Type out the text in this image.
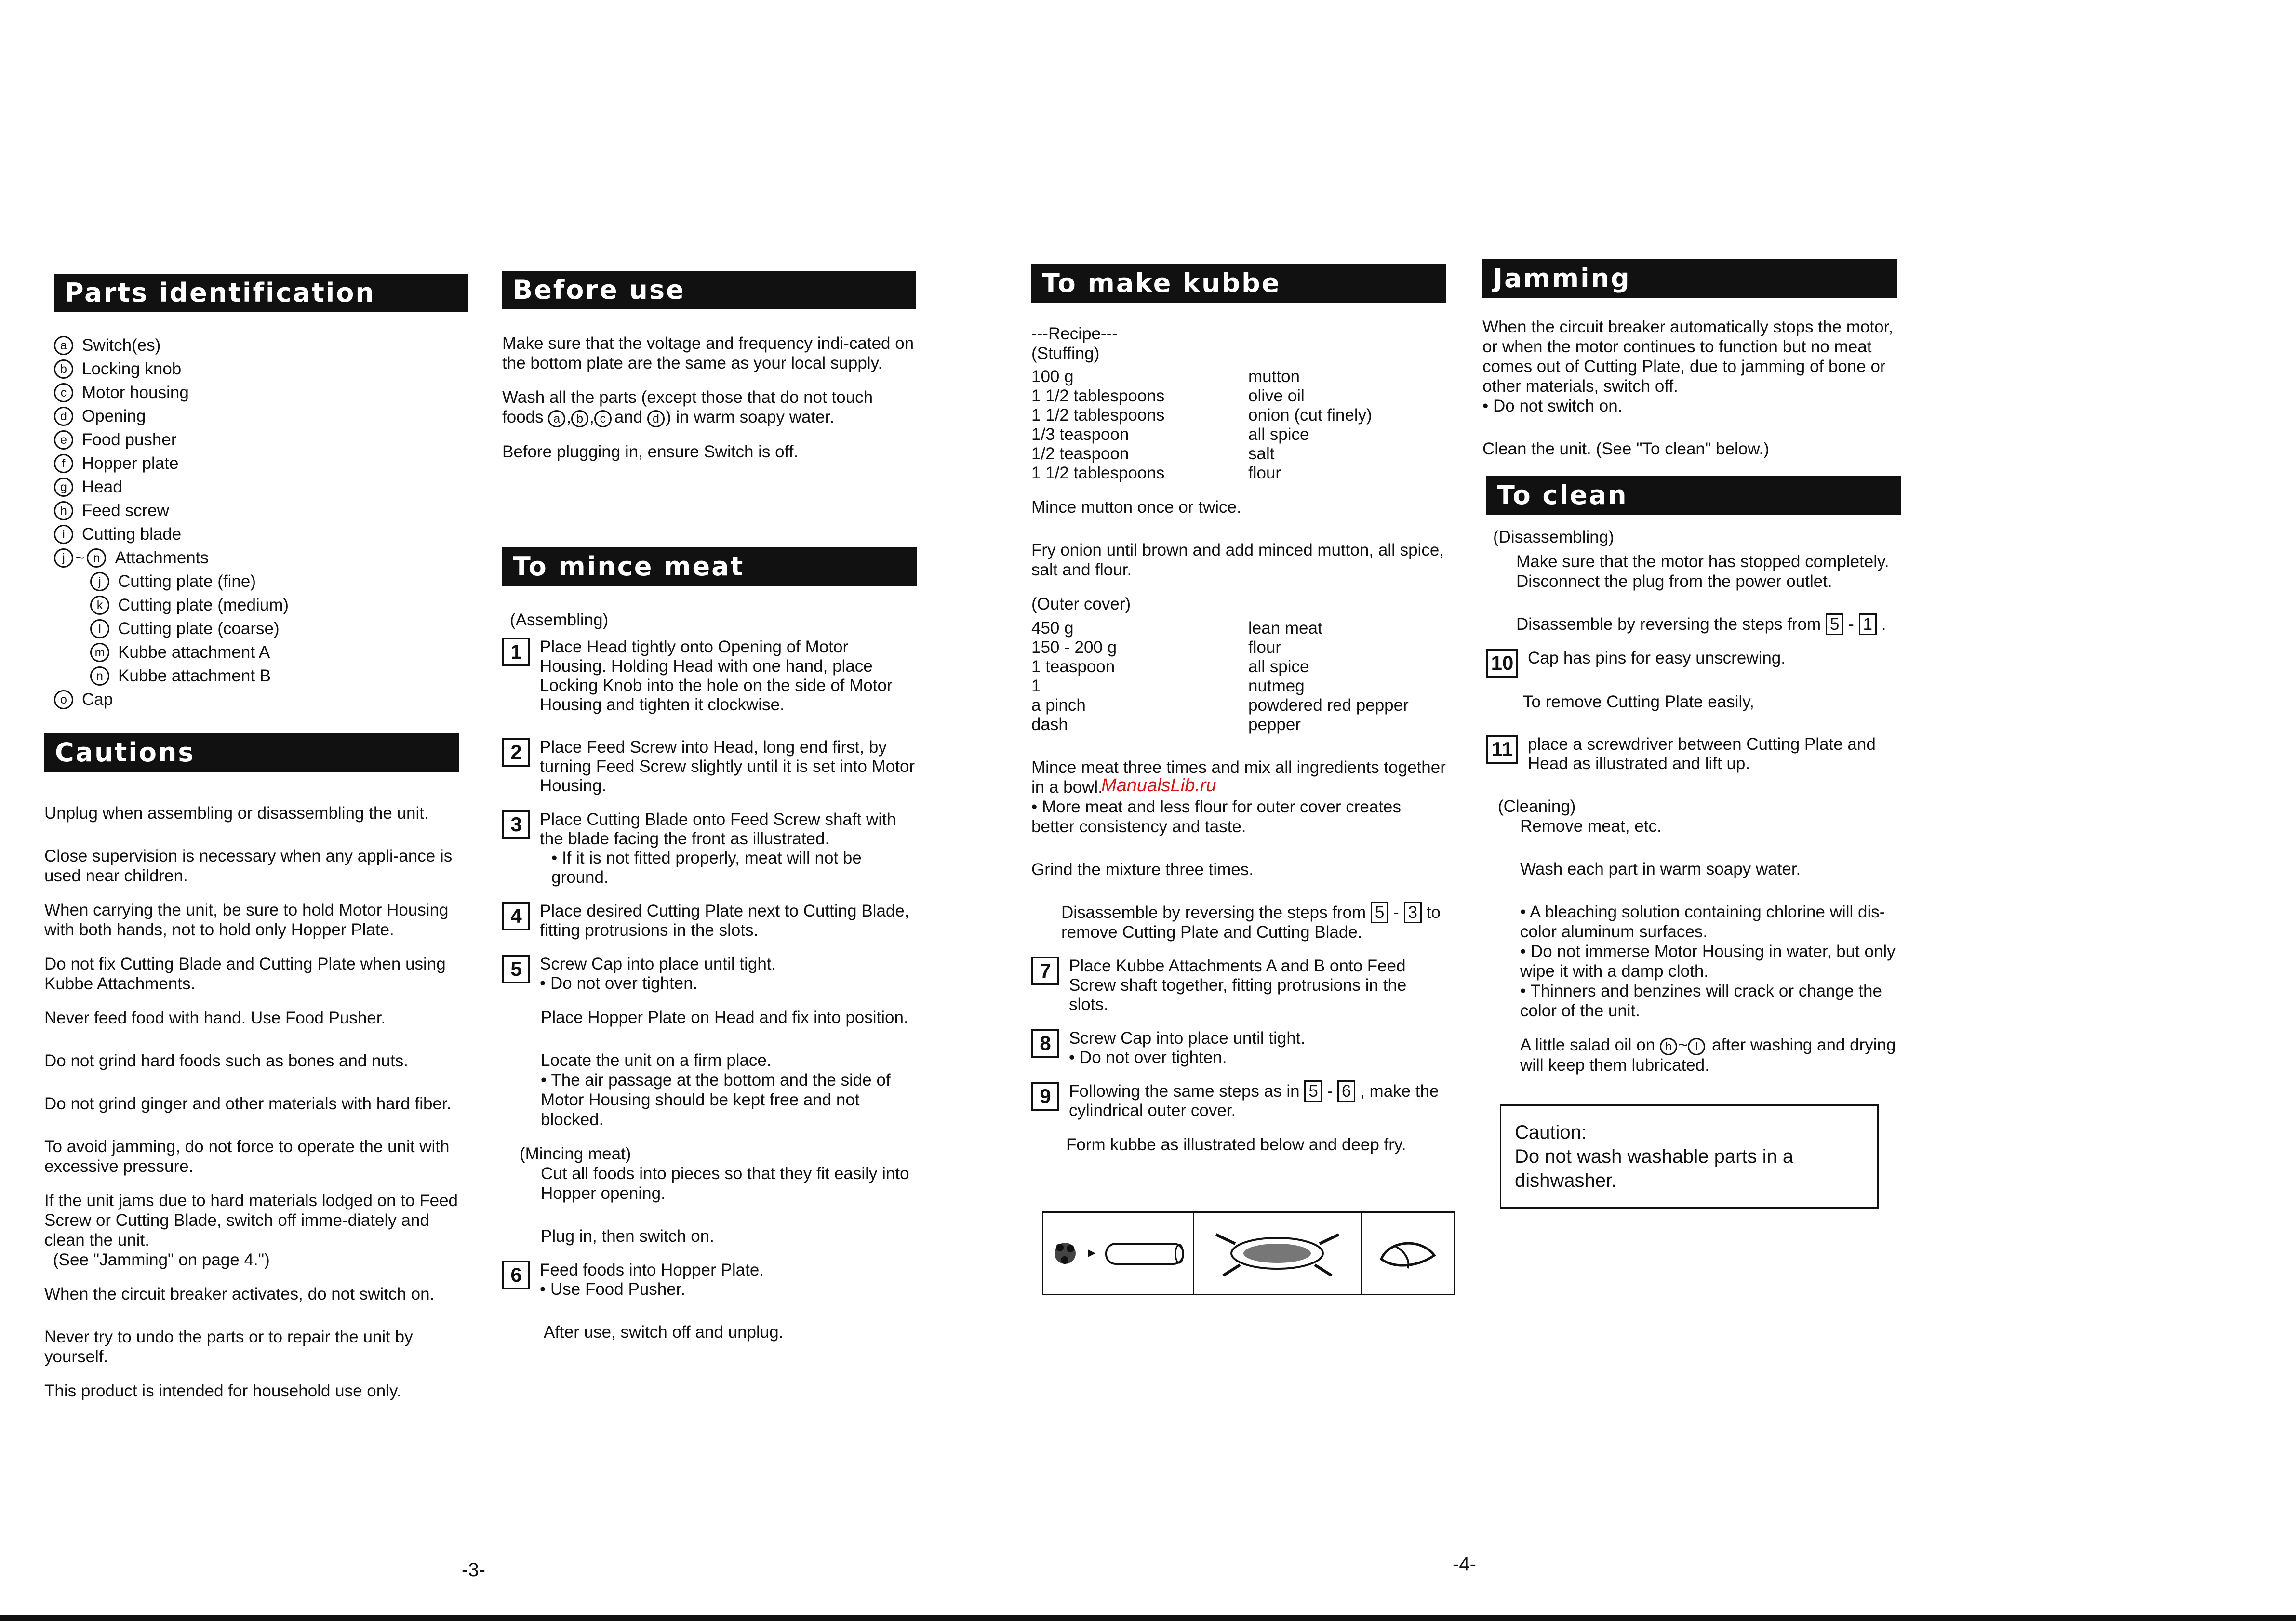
Parts identification
a Switch(es)
b Locking knob
c Motor housing
d Opening
e Food pusher
f Hopper plate
g Head
h Feed screw
i	Cutting blade
j ~ n Attachments
j	Cutting plate (fine)
k Cutting plate (medium)
l	Cutting plate (coarse)
m Kubbe attachment A
n Kubbe attachment B
o Cap
Cautions

Unplug when assembling or disassembling the unit.

Close supervision is necessary when any appli-ance is used near children.

When carrying the unit, be sure to hold Motor Housing with both hands, not to hold only Hopper Plate.

Do not fix Cutting Blade and Cutting Plate when using Kubbe Attachments.

Never feed food with hand. Use Food Pusher.

Do not grind hard foods such as bones and nuts.

Do not grind ginger and other materials with hard fiber.

To avoid jamming, do not force to operate the unit with excessive pressure.

If the unit jams due to hard materials lodged on to Feed Screw or Cutting Blade, switch off imme-diately and clean the unit.

(See "Jamming" on page 4.")

When the circuit breaker activates, do not switch on.

Never try to undo the parts or to repair the unit by yourself.

This product is intended for household use only.

Before use

Make sure that the voltage and frequency indi-cated on the bottom plate are the same as your local supply.

Wash all the parts (except those that do not touch foods a , b , c and d ) in warm soapy water.

Before plugging in, ensure Switch is off.

To mince meat

(Assembling)

1	Place Head tightly onto Opening of Motor Housing. Holding Head with one hand, place Locking Knob into the hole on the side of Motor Housing and tighten it clockwise.
2	Place Feed Screw into Head, long end first, by turning Feed Screw slightly until it is set into Motor Housing.
3	Place Cutting Blade onto Feed Screw shaft with the blade facing the front as illustrated.
• If it is not fitted properly, meat will not be ground.
4	Place desired Cutting Plate next to Cutting Blade, fitting protrusions in the slots.
5	Screw Cap into place until tight.
• Do not over tighten.

Place Hopper Plate on Head and fix into position.

Locate the unit on a firm place.

• The air passage at the bottom and the side of Motor Housing should be kept free and not blocked.

(Mincing meat)

Cut all foods into pieces so that they fit easily into Hopper opening.

Plug in, then switch on.

6	Feed foods into Hopper Plate.
• Use Food Pusher.

After use, switch off and unplug.

To make kubbe

---Recipe---

(Stuffing)

100 g	mutton
1 1/2 tablespoons	olive oil
1 1/2 tablespoons	onion (cut finely)
1/3 teaspoon	all spice
1/2 teaspoon	salt
1 1/2 tablespoons	flour

Mince mutton once or twice.

Fry onion until brown and add minced mutton, all spice, salt and flour.

(Outer cover)

450 g	lean meat
150 - 200 g	flour
1 teaspoon	all spice
1	nutmeg
a pinch	powdered red pepper
dash	pepper

Mince meat three times and mix all ingredients together in a bowl.

ManualsLib.ru

• More meat and less flour for outer cover creates better consistency and taste.

Grind the mixture three times.

Disassemble by reversing the steps from 5 - 3 to remove Cutting Plate and Cutting Blade.

7	Place Kubbe Attachments A and B onto Feed Screw shaft together, fitting protrusions in the slots.
8	Screw Cap into place until tight.
• Do not over tighten.
9	Following the same steps as in 5 - 6 , make the cylindrical outer cover.

Form kubbe as illustrated below and deep fry.

Jamming

When the circuit breaker automatically stops the motor, or when the motor continues to function but no meat comes out of Cutting Plate, due to jamming of bone or other materials, switch off.

• Do not switch on.

Clean the unit. (See "To clean" below.)

To clean

(Disassembling)

Make sure that the motor has stopped completely. Disconnect the plug from the power outlet.

Disassemble by reversing the steps from 5 - 1 .

10 Cap has pins for easy unscrewing.

To remove Cutting Plate easily,

11 place a screwdriver between Cutting Plate and Head as illustrated and lift up.

(Cleaning)

Remove meat, etc.

Wash each part in warm soapy water.

• A bleaching solution containing chlorine will dis-color aluminum surfaces.

• Do not immerse Motor Housing in water, but only wipe it with a damp cloth.

• Thinners and benzines will crack or change the color of the unit.

A little salad oil on h ~ l after washing and drying will keep them lubricated.

Caution:
Do not wash washable parts in a dishwasher.
-3-	-4-
